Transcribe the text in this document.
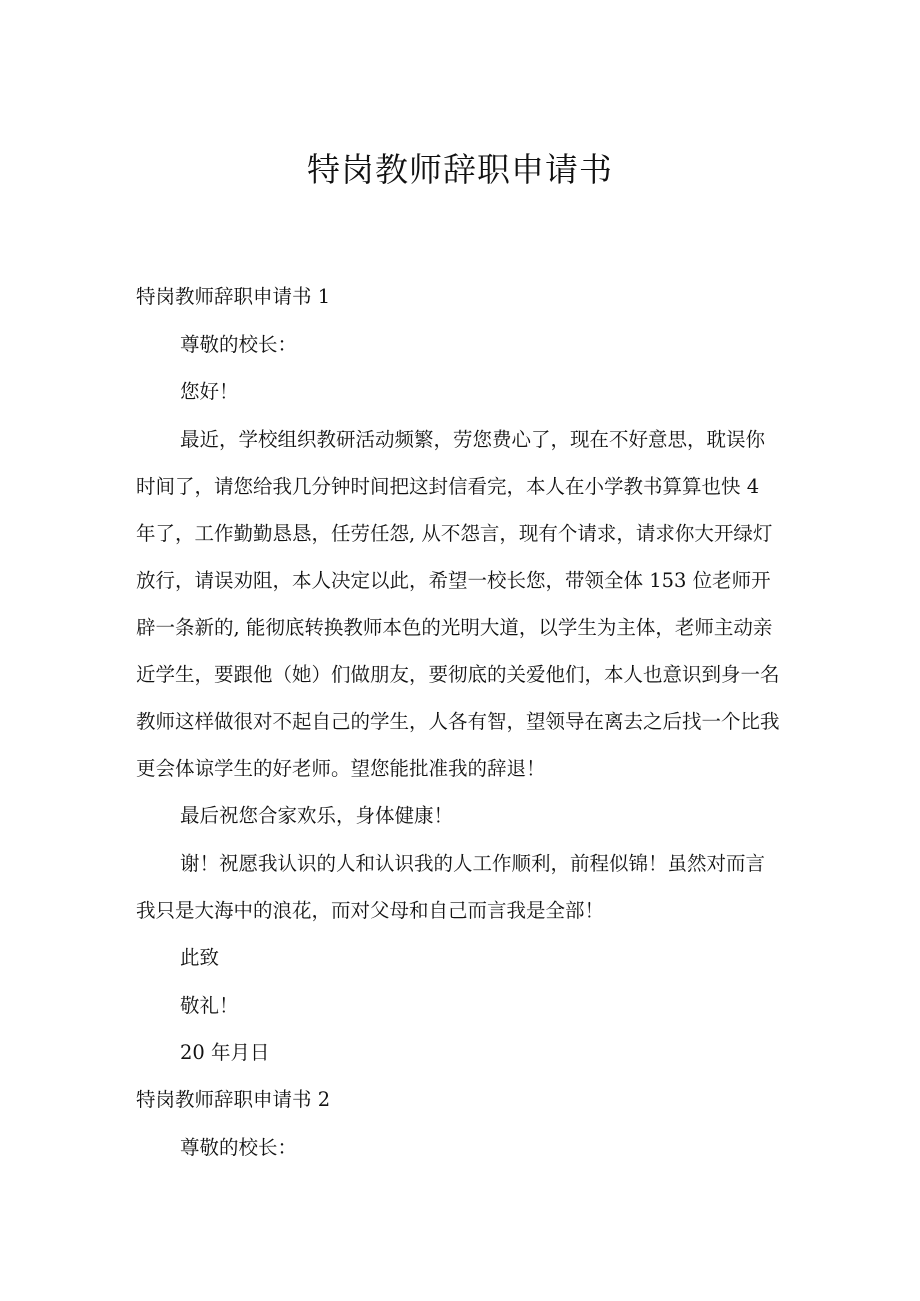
特岗教师辞职申请书
特岗教师辞职申请书 1
尊敬的校长：
您好！
最近，学校组织教研活动频繁，劳您费心了，现在不好意思，耽误你
时间了，请您给我几分钟时间把这封信看完，本人在小学教书算算也快 4
年了，工作勤勤恳恳，任劳任怨, 从不怨言，现有个请求，请求你大开绿灯
放行，请误劝阻，本人决定以此，希望一校长您，带领全体 153 位老师开
辟一条新的, 能彻底转换教师本色的光明大道，以学生为主体，老师主动亲
近学生，要跟他（她）们做朋友，要彻底的关爱他们，本人也意识到身一名
教师这样做很对不起自己的学生，人各有智，望领导在离去之后找一个比我
更会体谅学生的好老师。望您能批准我的辞退！
最后祝您合家欢乐，身体健康！
谢！祝愿我认识的人和认识我的人工作顺利，前程似锦！虽然对而言
我只是大海中的浪花，而对父母和自己而言我是全部！
此致
敬礼！
20 年月日
特岗教师辞职申请书 2
尊敬的校长：
